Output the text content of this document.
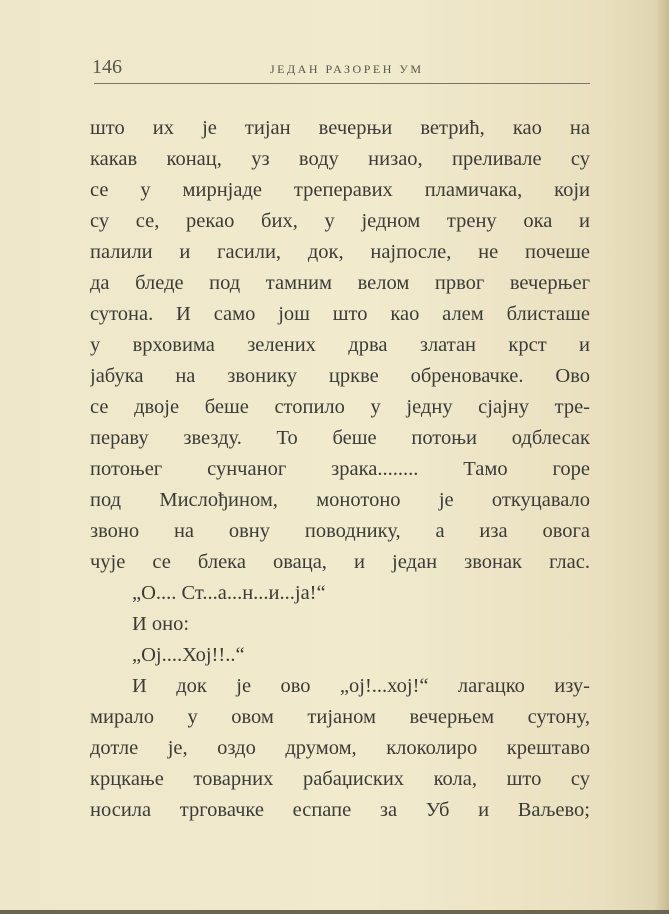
146	ЈЕДАН РАЗОРЕН УМ
што их је тијан вечерњи ветрић, као на
какав конац, уз воду низао, преливале су
се у мирнјаде треперавих пламичака, који
су се, рекао бих, у једном трену ока и
палили и гасили, док, најпосле, не почеше
да бледе под тамним велом првог вечерњег
сутона. И само још што као алем блисташе
у врховима зелених дрва златан крст и
јабука на звонику цркве обреновачке. Ово
се двоје беше стопило у једну сјајну тре-
пераву звезду. То беше потоњи одблесак
потоњег сунчаног зрака........ Тамо горе
под Мислођином, монотоно је откуцавало
звоно на овну поводнику, а иза овога
чује се блека оваца, и један звонак глас.
„О.... Ст...а...н...и...ја!“
И оно:
„Oj....Хој!!..“
И док је ово „oj!...хој!“ лагацко изу-
мирало у овом тијаном вечерњем сутону,
дотле је, оздо друмом, клоколиро крештаво
крцкање товарних рабаџиских кола, што су
носила трговачке еспапе за Уб и Ваљево;
